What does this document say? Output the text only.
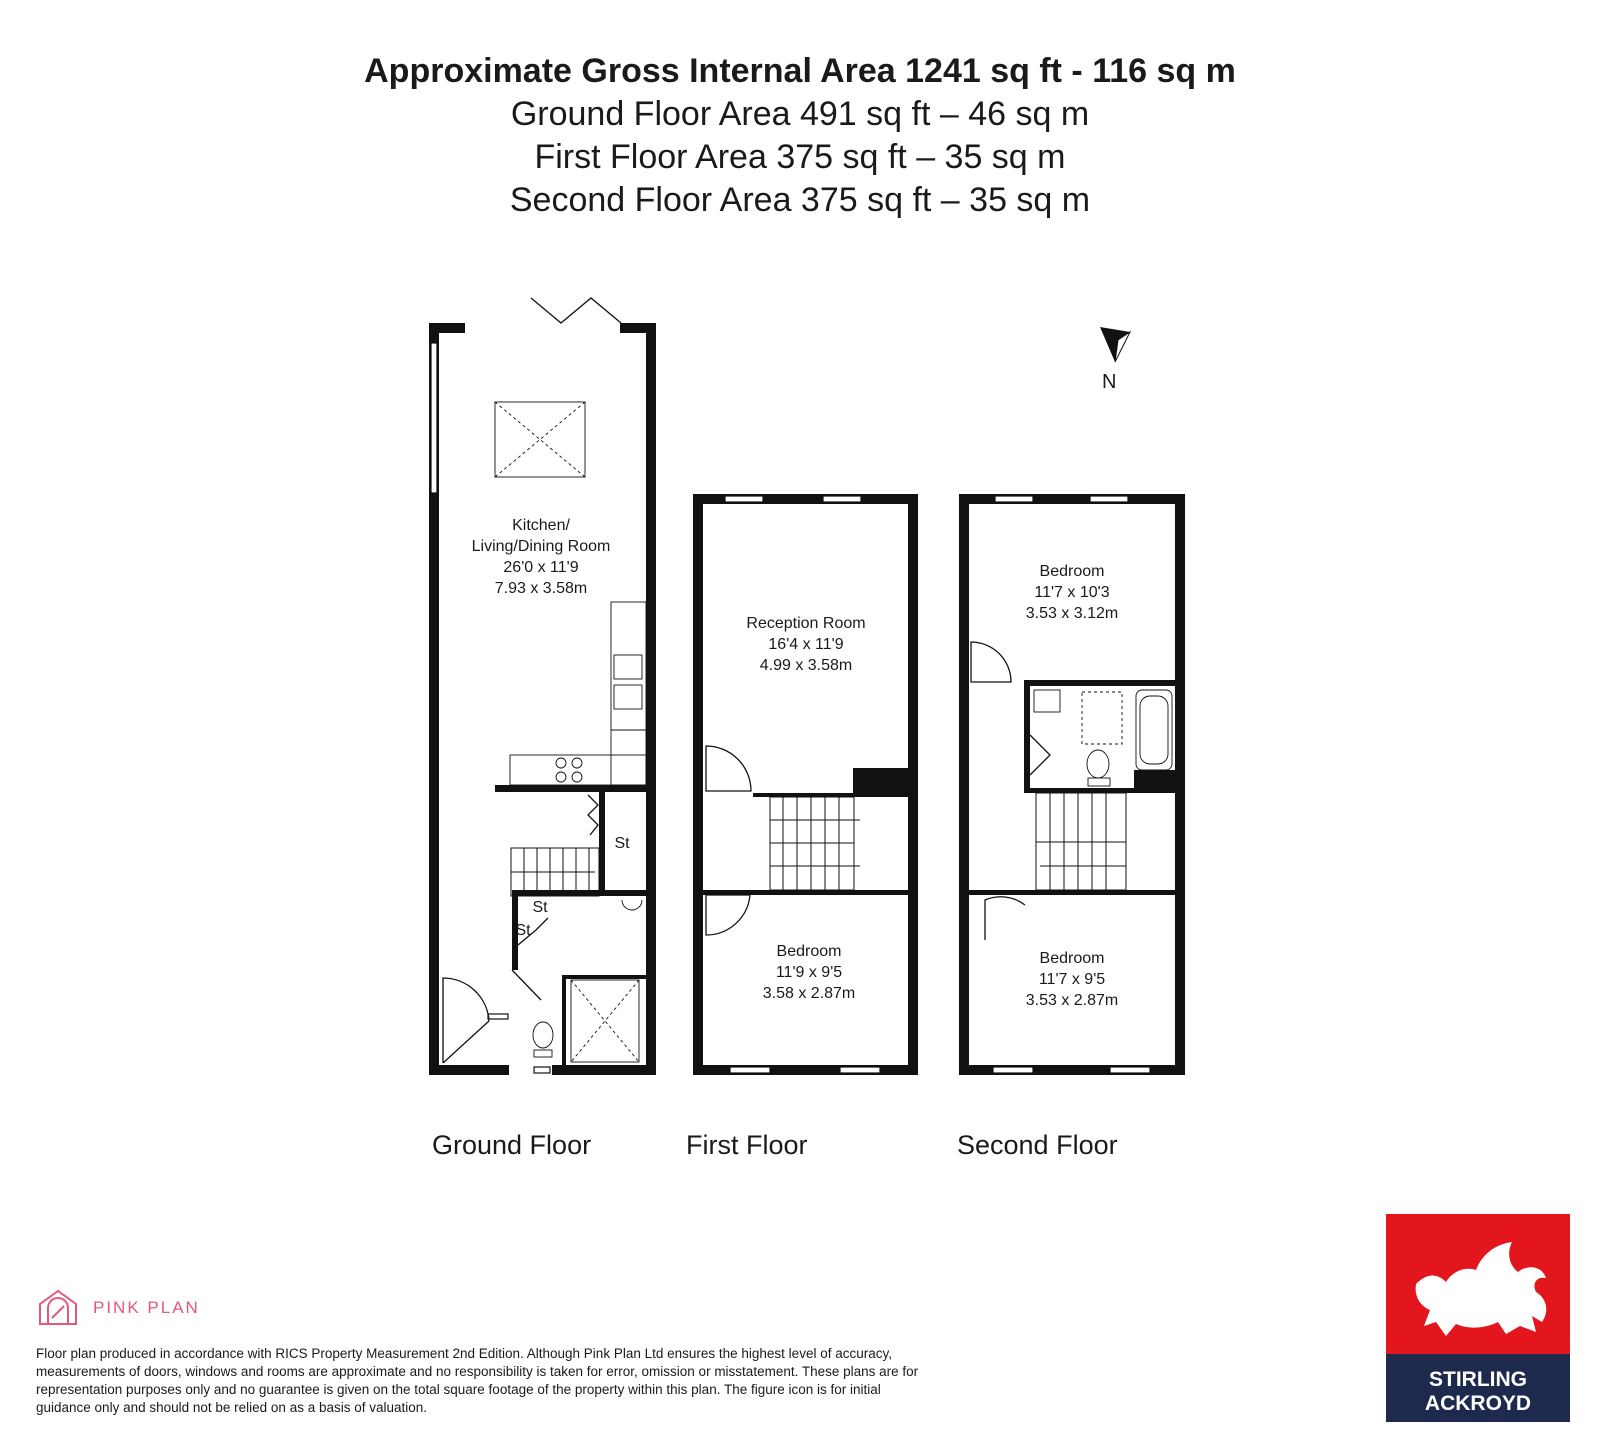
Approximate Gross Internal Area 1241 sq ft - 116 sq m
Ground Floor Area 491 sq ft – 46 sq m
First Floor Area 375 sq ft – 35 sq m
Second Floor Area 375 sq ft – 35 sq m
N
Kitchen/
Living/Dining Room
26'0 x 11'9
7.93 x 3.58m
St
St
St
Reception Room
16'4 x 11'9
4.99 x 3.58m
Bedroom
11'9 x 9'5
3.58 x 2.87m
Bedroom
11'7 x 10'3
3.53 x 3.12m
Bedroom
11'7 x 9'5
3.53 x 2.87m
Ground Floor	First Floor	Second Floor
PINK PLAN
Floor plan produced in accordance with RICS Property Measurement 2nd Edition. Although Pink Plan Ltd ensures the highest level of accuracy, measurements of doors, windows and rooms are approximate and no responsibility is taken for error, omission or misstatement. These plans are for representation purposes only and no guarantee is given on the total square footage of the property within this plan. The figure icon is for initial guidance only and should not be relied on as a basis of valuation.
STIRLING
ACKROYD
